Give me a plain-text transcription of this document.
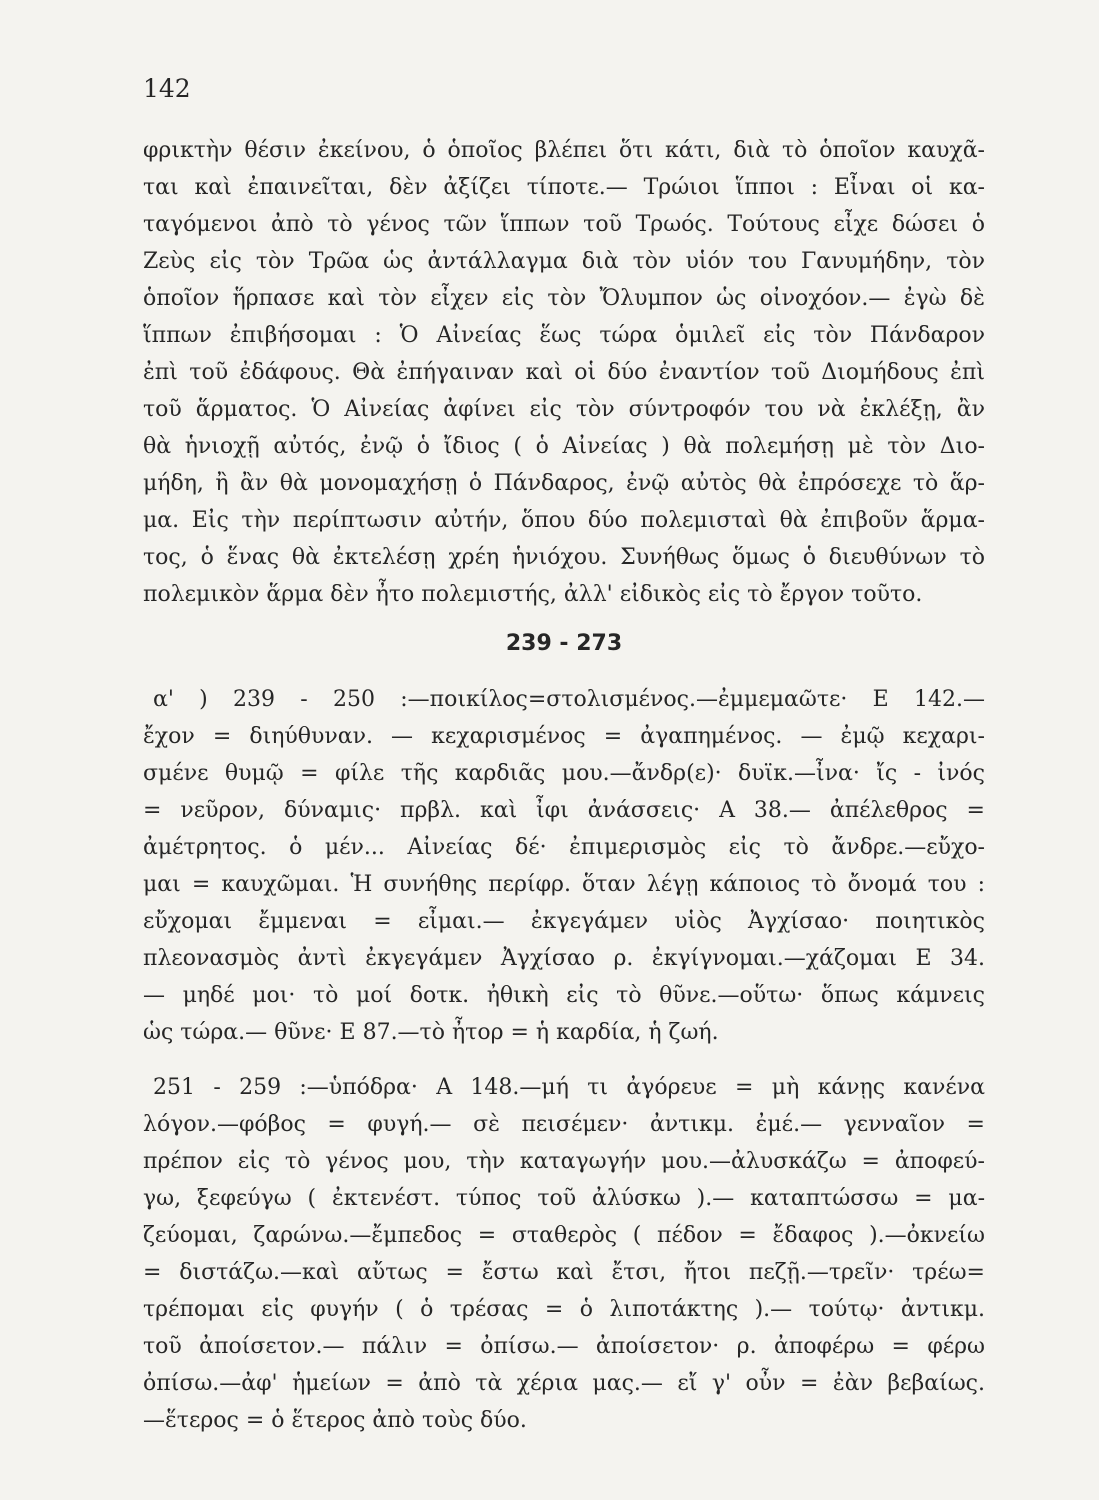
142
φρικτὴν θέσιν ἐκείνου, ὁ ὁποῖος βλέπει ὅτι κάτι, διὰ τὸ ὁποῖον καυχᾶ-
ται καὶ ἐπαινεῖται, δὲν ἀξίζει τίποτε.— Τρώιοι ἵπποι : Εἶναι οἱ κα-
ταγόμενοι ἀπὸ τὸ γένος τῶν ἵππων τοῦ Τρωός. Τούτους εἶχε δώσει ὁ
Ζεὺς εἰς τὸν Τρῶα ὡς ἀντάλλαγμα διὰ τὸν υἱόν του Γανυμήδην, τὸν
ὁποῖον ἥρπασε καὶ τὸν εἶχεν εἰς τὸν Ὄλυμπον ὡς οἰνοχόον.— ἐγὼ δὲ
ἵππων ἐπιβήσομαι : Ὁ Αἰνείας ἕως τώρα ὁμιλεῖ εἰς τὸν Πάνδαρον
ἐπὶ τοῦ ἐδάφους. Θὰ ἐπήγαιναν καὶ οἱ δύο ἐναντίον τοῦ Διομήδους ἐπὶ
τοῦ ἅρματος. Ὁ Αἰνείας ἀφίνει εἰς τὸν σύντροφόν του νὰ ἐκλέξῃ, ἂν
θὰ ἡνιοχῇ αὐτός, ἐνῷ ὁ ἴδιος ( ὁ Αἰνείας ) θὰ πολεμήσῃ μὲ τὸν Διο-
μήδη, ἢ ἂν θὰ μονομαχήσῃ ὁ Πάνδαρος, ἐνῷ αὐτὸς θὰ ἐπρόσεχε τὸ ἅρ-
μα. Εἰς τὴν περίπτωσιν αὐτήν, ὅπου δύο πολεμισταὶ θὰ ἐπιβοῦν ἅρμα-
τος, ὁ ἕνας θὰ ἐκτελέσῃ χρέη ἡνιόχου. Συνήθως ὅμως ὁ διευθύνων τὸ
πολεμικὸν ἅρμα δὲν ἦτο πολεμιστής, ἀλλ' εἰδικὸς εἰς τὸ ἔργον τοῦτο.
239 - 273
α' ) 239 - 250 :—ποικίλος=στολισμένος.—ἐμμεμαῶτε· Ε 142.—
ἔχον = διηύθυναν. — κεχαρισμένος = ἀγαπημένος. — ἐμῷ κεχαρι-
σμένε θυμῷ = φίλε τῆς καρδιᾶς μου.—ἄνδρ(ε)· δυϊκ.—ἶνα· ἴς - ἰνός
= νεῦρον, δύναμις· πρβλ. καὶ ἶφι ἀνάσσεις· Α 38.— ἀπέλεθρος =
ἀμέτρητος. ὁ μέν... Αἰνείας δέ· ἐπιμερισμὸς εἰς τὸ ἄνδρε.—εὔχο-
μαι = καυχῶμαι. Ἡ συνήθης περίφρ. ὅταν λέγῃ κάποιος τὸ ὄνομά του :
εὔχομαι ἔμμεναι = εἶμαι.— ἐκγεγάμεν υἱὸς Ἀγχίσαο· ποιητικὸς
πλεονασμὸς ἀντὶ ἐκγεγάμεν Ἀγχίσαο ρ. ἐκγίγνομαι.—χάζομαι Ε 34.
— μηδέ μοι· τὸ μοί δοτκ. ἠθικὴ εἰς τὸ θῦνε.—οὕτω· ὅπως κάμνεις
ὡς τώρα.— θῦνε· Ε 87.—τὸ ἦτορ = ἡ καρδία, ἡ ζωή.
251 - 259 :—ὑπόδρα· Α 148.—μή τι ἀγόρευε = μὴ κάνῃς κανένα
λόγον.—φόβος = φυγή.— σὲ πεισέμεν· ἀντικμ. ἐμέ.— γενναῖον =
πρέπον εἰς τὸ γένος μου, τὴν καταγωγήν μου.—ἀλυσκάζω = ἀποφεύ-
γω, ξεφεύγω ( ἐκτενέστ. τύπος τοῦ ἀλύσκω ).— καταπτώσσω = μα-
ζεύομαι, ζαρώνω.—ἔμπεδος = σταθερὸς ( πέδον = ἔδαφος ).—ὀκνείω
= διστάζω.—καὶ αὔτως = ἔστω καὶ ἔτσι, ἤτοι πεζῇ.—τρεῖν· τρέω=
τρέπομαι εἰς φυγήν ( ὁ τρέσας = ὁ λιποτάκτης ).— τούτῳ· ἀντικμ.
τοῦ ἀποίσετον.— πάλιν = ὀπίσω.— ἀποίσετον· ρ. ἀποφέρω = φέρω
ὀπίσω.—ἀφ' ἡμείων = ἀπὸ τὰ χέρια μας.— εἴ γ' οὖν = ἐὰν βεβαίως.
—ἕτερος = ὁ ἕτερος ἀπὸ τοὺς δύο.
